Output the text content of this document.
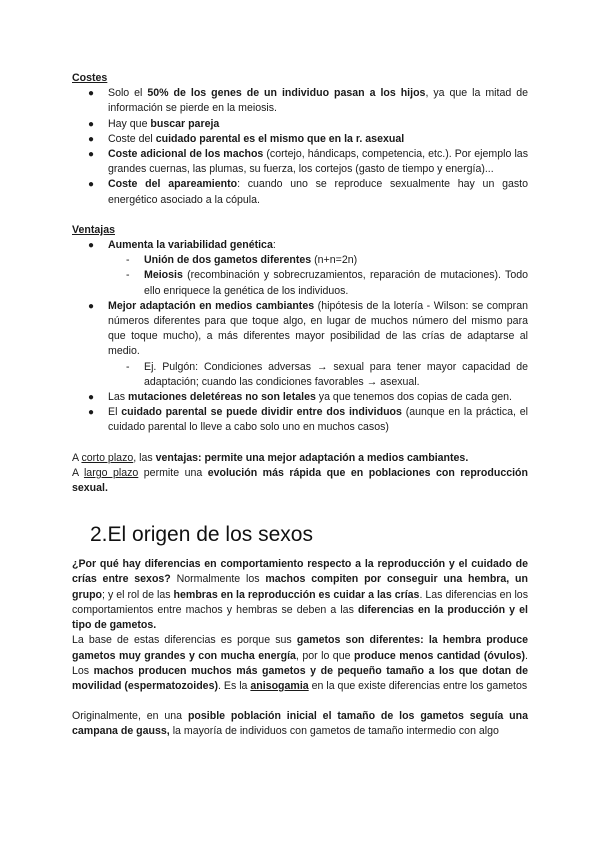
Costes
● Solo el 50% de los genes de un individuo pasan a los hijos, ya que la mitad de información se pierde en la meiosis.
● Hay que buscar pareja
● Coste del cuidado parental es el mismo que en la r. asexual
● Coste adicional de los machos (cortejo, hándicaps, competencia, etc.). Por ejemplo las grandes cuernas, las plumas, su fuerza, los cortejos (gasto de tiempo y energía)...
● Coste del apareamiento: cuando uno se reproduce sexualmente hay un gasto energético asociado a la cópula.
Ventajas
● Aumenta la variabilidad genética:
- Unión de dos gametos diferentes (n+n=2n)
- Meiosis (recombinación y sobrecruzamientos, reparación de mutaciones). Todo ello enriquece la genética de los individuos.
● Mejor adaptación en medios cambiantes (hipótesis de la lotería - Wilson: se compran números diferentes para que toque algo, en lugar de muchos número del mismo para que toque mucho), a más diferentes mayor posibilidad de las crías de adaptarse al medio.
- Ej. Pulgón: Condiciones adversas → sexual para tener mayor capacidad de adaptación; cuando las condiciones favorables → asexual.
● Las mutaciones deletéreas no son letales ya que tenemos dos copias de cada gen.
● El cuidado parental se puede dividir entre dos individuos (aunque en la práctica, el cuidado parental lo lleve a cabo solo uno en muchos casos)

A corto plazo, las ventajas: permite una mejor adaptación a medios cambiantes.

A largo plazo permite una evolución más rápida que en poblaciones con reproducción sexual.

2.El origen de los sexos

¿Por qué hay diferencias en comportamiento respecto a la reproducción y el cuidado de crías entre sexos? Normalmente los machos compiten por conseguir una hembra, un grupo; y el rol de las hembras en la reproducción es cuidar a las crías. Las diferencias en los comportamientos entre machos y hembras se deben a las diferencias en la producción y el tipo de gametos.

La base de estas diferencias es porque sus gametos son diferentes: la hembra produce gametos muy grandes y con mucha energía, por lo que produce menos cantidad (óvulos). Los machos producen muchos más gametos y de pequeño tamaño a los que dotan de movilidad (espermatozoides). Es la anisogamia en la que existe diferencias entre los gametos

Originalmente, en una posible población inicial el tamaño de los gametos seguía una campana de gauss, la mayoría de individuos con gametos de tamaño intermedio con algo
